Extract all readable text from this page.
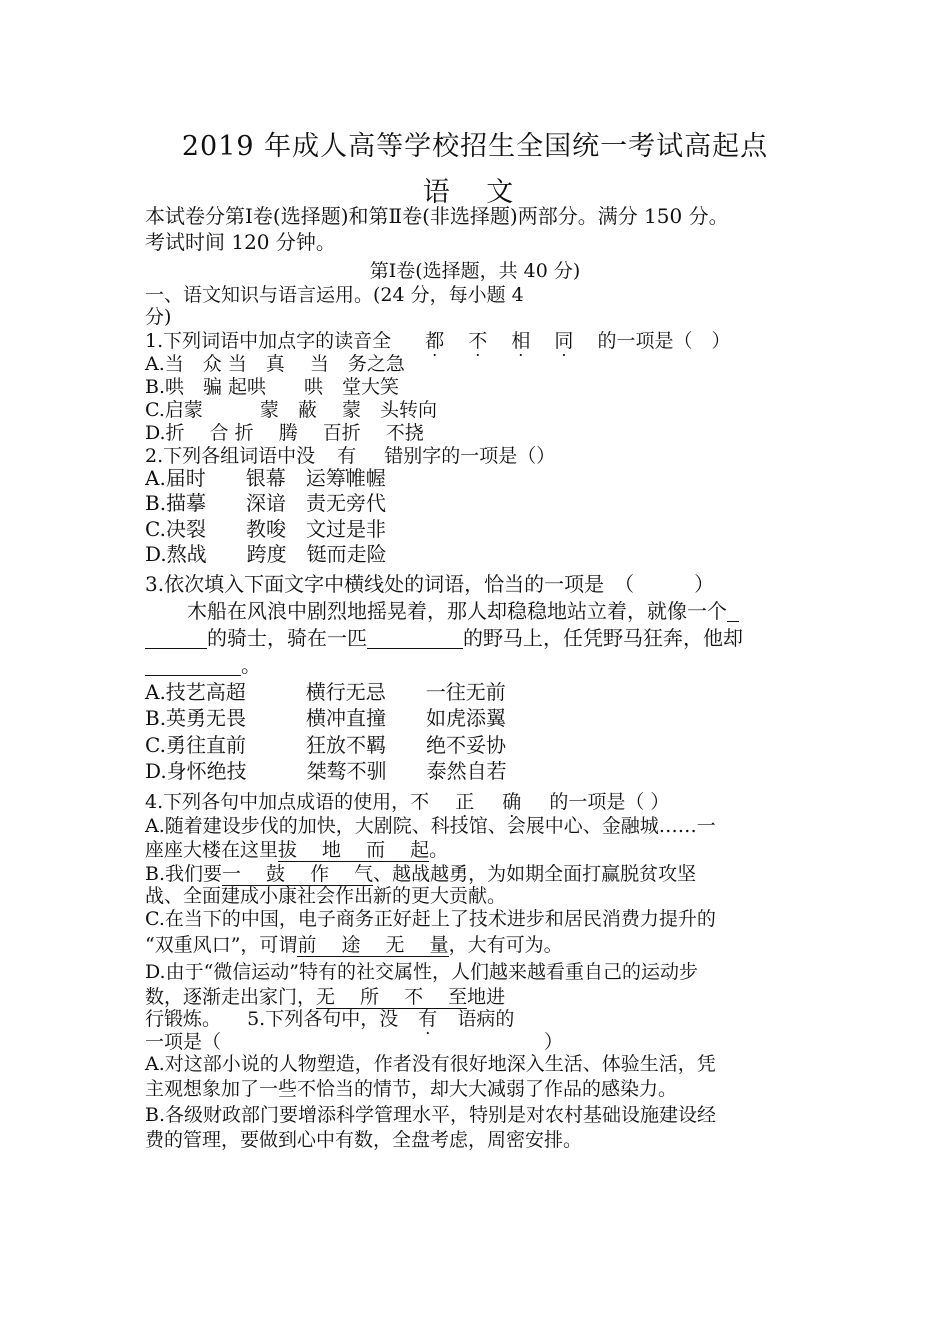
2019 年成人高等学校招生全国统一考试高起点
语 文
本试卷分第Ⅰ卷(选择题)和第Ⅱ卷(非选择题)两部分。满分 150 分。
考试时间 120 分钟。
第Ⅰ卷(选择题，共 40 分)
一、语文知识与语言运用。(24 分，每小题 4
分)
1.下列词语中加点字的读音全 都 不 相 同 的一项是（　）
A.当　众 当　真　 当　务之急
B.哄　骗 起哄　　哄　堂大笑
C.启蒙　　　蒙　蔽　 蒙　头转向
D.折　 合 折　 腾　 百折　 不挠
2.下列各组词语中没 有 错别字的一项是（）
A.届时　　银幕　运筹帷幄
B.描摹　　深谙　责无旁代
C.决裂　　教唆　文过是非
D.熬战　　跨度　铤而走险
3.依次填入下面文字中横线处的词语，恰当的一项是　（　　　）
木船在风浪中剧烈地摇晃着，那人却稳稳地站立着，就像一个
的骑士，骑在一匹	的野马上，任凭野马狂奔，他却
。
A.技艺高超　　　横行无忌　　一往无前
B.英勇无畏　　　横冲直撞　　如虎添翼
C.勇往直前　　　狂放不羁　　绝不妥协
D.身怀绝技　　　桀骜不驯　　泰然自若
4.下列各句中加点成语的使用，不 正 确 的一项是（ ）
A.随着建设步伐的加快，大剧院、科技馆、会展中心、金融城……一
座座大楼在这里拔　 地　 而　 起。
B.我们要一　 鼓　 作　 气、越战越勇，为如期全面打赢脱贫攻坚
战、全面建成小康社会作出新的更大贡献。
C.在当下的中国，电子商务正好赶上了技术进步和居民消费力提升的
“双重风口”，可谓前　 途　 无　 量，大有可为。
D.由于“微信运动”特有的社交属性，人们越来越看重自己的运动步
数，逐渐走出家门，无　 所　 不　 至地进
行锻炼。 5.下列各句中，没 有 语病的
一项是（　　　　　　　　　　　　　　　　　）
A.对这部小说的人物塑造，作者没有很好地深入生活、体验生活，凭
主观想象加了一些不恰当的情节，却大大减弱了作品的感染力。
B.各级财政部门要增添科学管理水平，特别是对农村基础设施建设经
费的管理，要做到心中有数，全盘考虑，周密安排。
